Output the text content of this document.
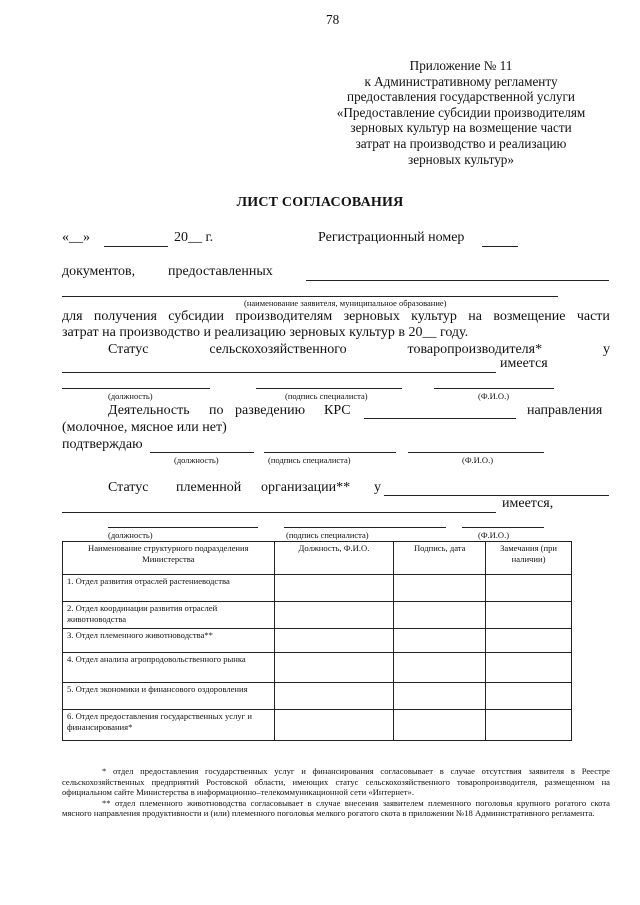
78
Приложение № 11
к Административному регламенту
предоставления государственной услуги
«Предоставление субсидии производителям
зерновых культур на возмещение части
затрат на производство и реализацию
зерновых культур»
ЛИСТ СОГЛАСОВАНИЯ
«__»	20__ г.	Регистрационный номер
документов, предоставленных
(наименование заявителя, муниципальное образование)
для получения субсидии производителям зерновых культур на возмещение части
затрат на производство и реализацию зерновых культур в 20__ году.
Статус	сельскохозяйственного	товаропроизводителя*	у
имеется
(должность)	(подпись специалиста)	(Ф.И.О.)
Деятельность по разведению КРС	направления
(молочное, мясное или нет)
подтверждаю
(должность)	(подпись специалиста)	(Ф.И.О.)
Статус племенной организации** у
имеется,
(должность)	(подпись специалиста)	(Ф.И.О.)
Наименование структурного подразделения Министерства	Должность, Ф.И.О.	Подпись, дата	Замечания (при наличии)
1. Отдел развития отраслей растениеводства			
2. Отдел координации развития отраслей животноводства			
3. Отдел племенного животноводства**			
4. Отдел анализа агропродовольственного рынка			
5. Отдел экономики и финансового оздоровления			
6. Отдел предоставления государственных услуг и финансирования*			

* отдел предоставления государственных услуг и финансирования согласовывает в случае отсутствия заявителя в Реестре сельскохозяйственных предприятий Ростовской области, имеющих статус сельскохозяйственного товаропроизводителя, размещенном на официальном сайте Министерства в информационно–телекоммуникационной сети «Интернет».

** отдел племенного животноводства согласовывает в случае внесения заявителем племенного поголовья крупного рогатого скота мясного направления продуктивности и (или) племенного поголовья мелкого рогатого скота в приложении №18 Административного регламента.
